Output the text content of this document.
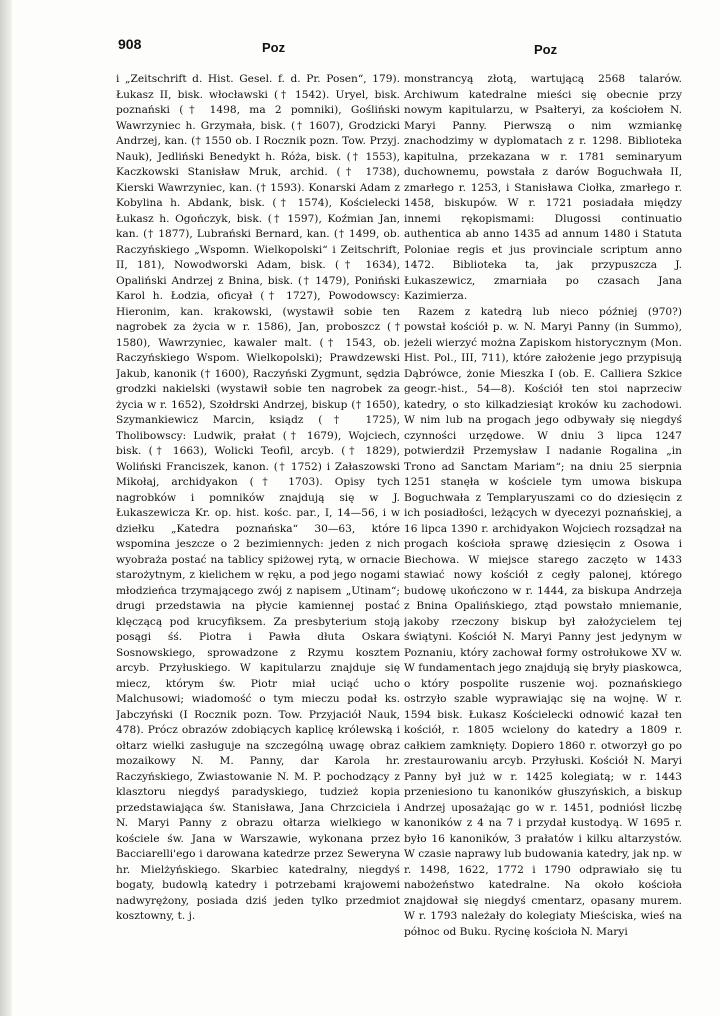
908	Poz	Poz

i „Zeitschrift d. Hist. Gesel. f. d. Pr. Posen“, 179). Łukasz II, bisk. włocławski († 1542). Uryel, bisk. poznański († 1498, ma 2 pomniki), Gośliński Wawrzyniec h. Grzymała, bisk. († 1607), Grodzicki Andrzej, kan. († 1550 ob. I Rocznik pozn. Tow. Przyj. Nauk), Jedliński Benedykt h. Róża, bisk. († 1553), Kaczkowski Stanisław Mruk, archid. († 1738), Kierski Wawrzyniec, kan. († 1593). Konarski Adam z Kobylina h. Abdank, bisk. († 1574), Kościelecki Łukasz h. Ogończyk, bisk. († 1597), Koźmian Jan, kan. († 1877), Lubrański Bernard, kan. († 1499, ob. Raczyńskiego „Wspomn. Wielkopolski“ i Zeitschrift, II, 181), Nowodworski Adam, bisk. († 1634), Opaliński Andrzej z Bnina, bisk. († 1479), Poniński Karol h. Łodzia, oficyał († 1727), Powodowscy: Hieronim, kan. krakowski, (wystawił sobie ten nagrobek za życia w r. 1586), Jan, proboszcz († 1580), Wawrzyniec, kawaler malt. († 1543, ob. Raczyńskiego Wspom. Wielkopolski); Prawdzewski Jakub, kanonik († 1600), Raczyński Zygmunt, sędzia grodzki nakielski (wystawił sobie ten nagrobek za życia w r. 1652), Szołdrski Andrzej, biskup († 1650), Szymankiewicz Marcin, ksiądz († 1725), Tholibowscy: Ludwik, prałat († 1679), Wojciech, bisk. († 1663), Wolicki Teofil, arcyb. († 1829), Woliński Franciszek, kanon. († 1752) i Załaszowski Mikołaj, archidyakon († 1703). Opisy tych nagrobków i pomników znajdują się w J. Łukaszewicza Kr. op. hist. kośc. par., I, 14—56, i w dziełku „Katedra poznańska“ 30—63, które wspomina jeszcze o 2 bezimiennych: jeden z nich wyobraża postać na tablicy spiżowej rytą, w ornacie starożytnym, z kielichem w ręku, a pod jego nogami młodzieńca trzymającego zwój z napisem „Utinam“; drugi przedstawia na płycie kamiennej postać klęczącą pod krucyfiksem. Za presbyterium stoją posągi śś. Piotra i Pawła dłuta Oskara Sosnowskiego, sprowadzone z Rzymu kosztem arcyb. Przyłuskiego. W kapitularzu znajduje się miecz, którym św. Piotr miał uciąć ucho Malchusowi; wiadomość o tym mieczu podał ks. Jabczyński (I Rocznik pozn. Tow. Przyjaciół Nauk, 478). Prócz obrazów zdobiących kaplicę królewską i ołtarz wielki zasługuje na szczególną uwagę obraz mozaikowy N. M. Panny, dar Karola hr. Raczyńskiego, Zwiastowanie N. M. P. pochodzący z klasztoru niegdyś paradyskiego, tudzież kopia przedstawiająca św. Stanisława, Jana Chrzciciela i N. Maryi Panny z obrazu ołtarza wielkiego w kościele św. Jana w Warszawie, wykonana przez Bacciarelli'ego i darowana katedrze przez Seweryna hr. Mielżyńskiego. Skarbiec katedralny, niegdyś bogaty, budowlą katedry i potrzebami krajowemi nadwyrężony, posiada dziś jeden tylko przedmiot kosztowny, t. j.

monstrancyą złotą, wartującą 2568 talarów. Archiwum katedralne mieści się obecnie przy nowym kapitularzu, w Psałteryi, za kościołem N. Maryi Panny. Pierwszą o nim wzmiankę znachodzimy w dyplomatach z r. 1298. Biblioteka kapitulna, przekazana w r. 1781 seminaryum duchownemu, powstała z darów Boguchwała II, zmarłego r. 1253, i Stanisława Ciołka, zmarłego r. 1458, biskupów. W r. 1721 posiadała między innemi rękopismami: Dlugossi continuatio authentica ab anno 1435 ad annum 1480 i Statuta Poloniae regis et jus provinciale scriptum anno 1472. Biblioteka ta, jak przypuszcza J. Łukaszewicz, zmarniała po czasach Jana Kazimierza.

Razem z katedrą lub nieco później (970?) powstał kościół p. w. N. Maryi Panny (in Summo), jeżeli wierzyć można Zapiskom historycznym (Mon. Hist. Pol., III, 711), które założenie jego przypisują Dąbrówce, żonie Mieszka I (ob. E. Calliera Szkice geogr.-hist., 54—8). Kościół ten stoi naprzeciw katedry, o sto kilkadziesiąt kroków ku zachodowi. W nim lub na progach jego odbywały się niegdyś czynności urzędowe. W dniu 3 lipca 1247 potwierdził Przemysław I nadanie Rogalina „in Trono ad Sanctam Mariam“; na dniu 25 sierpnia 1251 stanęła w kościele tym umowa biskupa Boguchwała z Templaryuszami co do dziesięcin z ich posiadłości, leżących w dyecezyi poznańskiej, a 16 lipca 1390 r. archidyakon Wojciech rozsądzał na progach kościoła sprawę dziesięcin z Osowa i Biechowa. W miejsce starego zaczęto w 1433 stawiać nowy kościół z cegły palonej, którego budowę ukończono w r. 1444, za biskupa Andrzeja z Bnina Opalińskiego, ztąd powstało mniemanie, jakoby rzeczony biskup był założycielem tej świątyni. Kościół N. Maryi Panny jest jedynym w Poznaniu, który zachował formy ostrołukowe XV w. W fundamentach jego znajdują się bryły piaskowca, o który pospolite ruszenie woj. poznańskiego ostrzyło szable wyprawiając się na wojnę. W r. 1594 bisk. Łukasz Kościelecki odnowić kazał ten kościół, r. 1805 wcielony do katedry a 1809 r. całkiem zamknięty. Dopiero 1860 r. otworzył go po zrestaurowaniu arcyb. Przyłuski. Kościół N. Maryi Panny był już w r. 1425 kolegiatą; w r. 1443 przeniesiono tu kanoników głuszyńskich, a biskup Andrzej uposażając go w r. 1451, podniósł liczbę kanoników z 4 na 7 i przydał kustodyą. W 1695 r. było 16 kanoników, 3 prałatów i kilku altarzystów. W czasie naprawy lub budowania katedry, jak np. w r. 1498, 1622, 1772 i 1790 odprawiało się tu nabożeństwo katedralne. Na około kościoła znajdował się niegdyś cmentarz, opasany murem. W r. 1793 należały do kolegiaty Mieściska, wieś na północ od Buku. Rycinę kościoła N. Maryi
